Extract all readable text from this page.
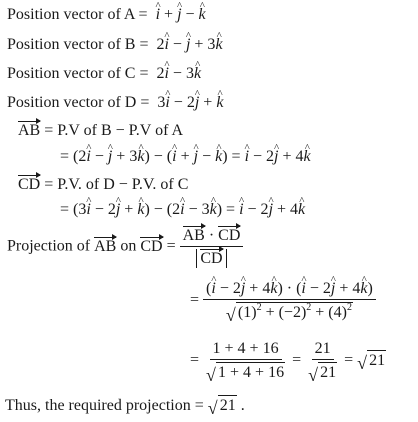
Position vector of A = i ^ + j ^ − k ^
Position vector of B =  2i ^ − j ^ + 3k ^
Position vector of C =  2i ^ − 3k ^
Position vector of D =  3i ^ − 2j ^ + k ^
AB = P.V of B − P.V of A
= (2i ^ − j ^ + 3k ^) − (i ^ + j ^ − k ^) = i ^ − 2j ^ + 4k ^
CD = P.V. of D − P.V. of C
= (3i ^ − 2j ^ + k ^) − (2i ^ − 3k ^) = i ^ − 2j ^ + 4k ^
Projection of AB on CD = $\frac{AB \cdot CD}{CD}$
= $\frac{(i \^{} - 2j \^{} + 4k \^{}) \cdot (i \^{} - 2j \^{} + 4k \^{})}{√ (1)^2 + (-2)^2 + (4)^2}$
= $\frac{1 + 4 + 16}{√ 1 + 4 + 16} = \frac{21}{√ 21}$ = √ 21
Thus, the required projection = √ 21 .
